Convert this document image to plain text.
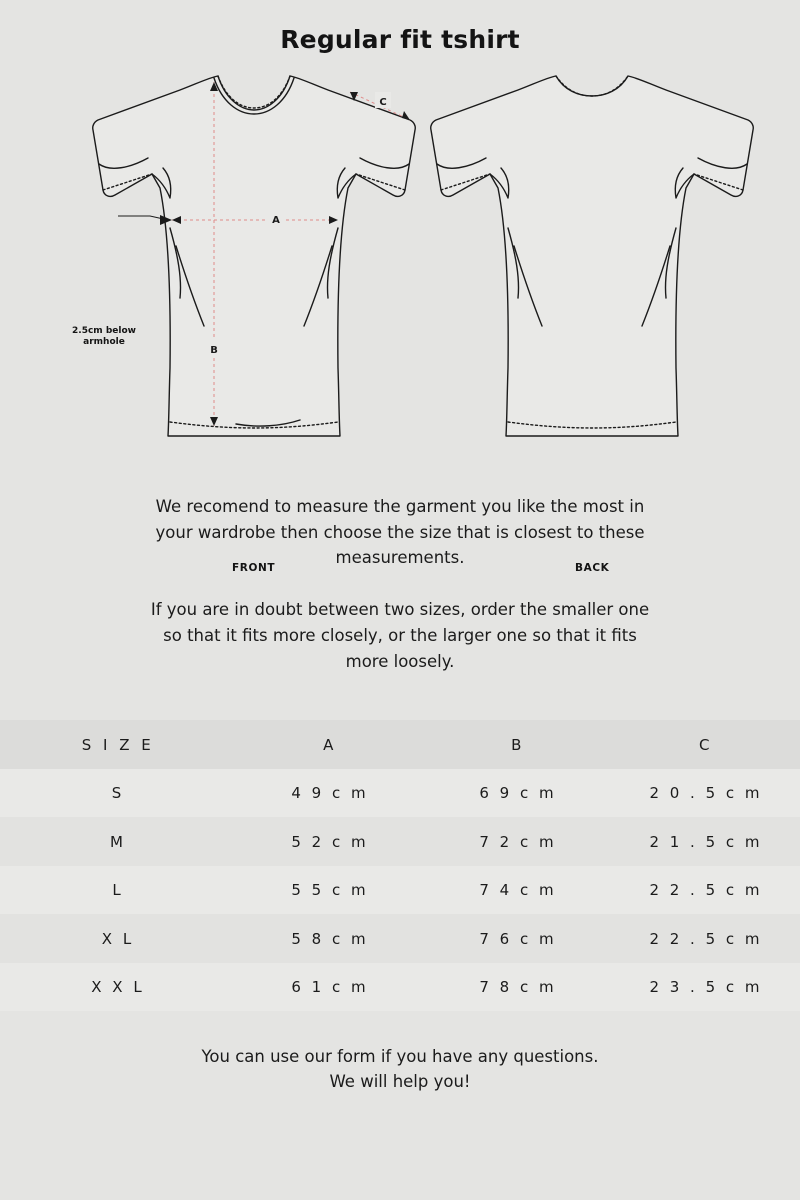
Regular fit tshirt
A
B
C
2.5cm below
armhole
FRONT	BACK

We recomend to measure the garment you like the most in your wardrobe then choose the size that is closest to these measurements.

If you are in doubt between two sizes, order the smaller one so that it fits more closely, or the larger one so that it fits more loosely.

S I Z E	A	B	C
S	4 9 c m	6 9 c m	2 0 . 5 c m
M	5 2 c m	7 2 c m	2 1 . 5 c m
L	5 5 c m	7 4 c m	2 2 . 5 c m
X L	5 8 c m	7 6 c m	2 2 . 5 c m
X X L	6 1 c m	7 8 c m	2 3 . 5 c m
You can use our form if you have any questions.
We will help you!
